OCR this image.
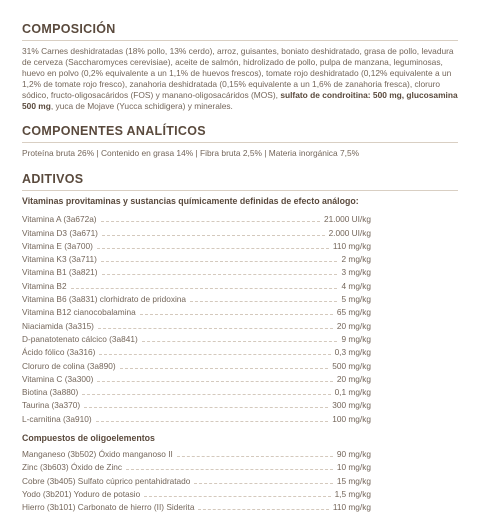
COMPOSICIÓN

31% Carnes deshidratadas (18% pollo, 13% cerdo), arroz, guisantes, boniato deshidratado, grasa de pollo, levadura de cerveza (Saccharomyces cerevisiae), aceite de salmón, hidrolizado de pollo, pulpa de manzana, leguminosas, huevo en polvo (0,2% equivalente a un 1,1% de huevos frescos), tomate rojo deshidratado (0,12% equivalente a un 1,2% de tomate rojo fresco), zanahoria deshidratada (0,15% equivalente a un 1,6% de zanahoria fresca), cloruro sódico, fructo-oligosacáridos (FOS) y manano-oligosacáridos (MOS), sulfato de condroitina: 500 mg, glucosamina 500 mg, yuca de Mojave (Yucca schidigera) y minerales.

COMPONENTES ANALÍTICOS

Proteína bruta 26% | Contenido en grasa 14% | Fibra bruta 2,5% | Materia inorgánica 7,5%

ADITIVOS

Vitaminas provitaminas y sustancias químicamente definidas de efecto análogo:

Vitamina A (3a672a)	21.000 UI/kg
Vitamina D3 (3a671)	2.000 UI/kg
Vitamina E (3a700)	110 mg/kg
Vitamina K3 (3a711)	2 mg/kg
Vitamina B1 (3a821)	3 mg/kg
Vitamina B2	4 mg/kg
Vitamina B6 (3a831) clorhidrato de pridoxina	5 mg/kg
Vitamina B12 cianocobalamina	65 mg/kg
Niaciamida (3a315)	20 mg/kg
D-panatotenato cálcico (3a841)	9 mg/kg
Ácido fólico (3a316)	0,3 mg/kg
Cloruro de colina (3a890)	500 mg/kg
Vitamina C (3a300)	20 mg/kg
Biotina (3a880)	0,1 mg/kg
Taurina (3a370)	300 mg/kg
L-carnitina (3a910)	100 mg/kg

Compuestos de oligoelementos

Manganeso (3b502) Óxido manganoso II	90 mg/kg
Zinc (3b603) Óxido de Zinc	10 mg/kg
Cobre (3b405) Sulfato cúprico pentahidratado	15 mg/kg
Yodo (3b201) Yoduro de potasio	1,5 mg/kg
Hierro (3b101) Carbonato de hierro (II) Siderita	110 mg/kg
